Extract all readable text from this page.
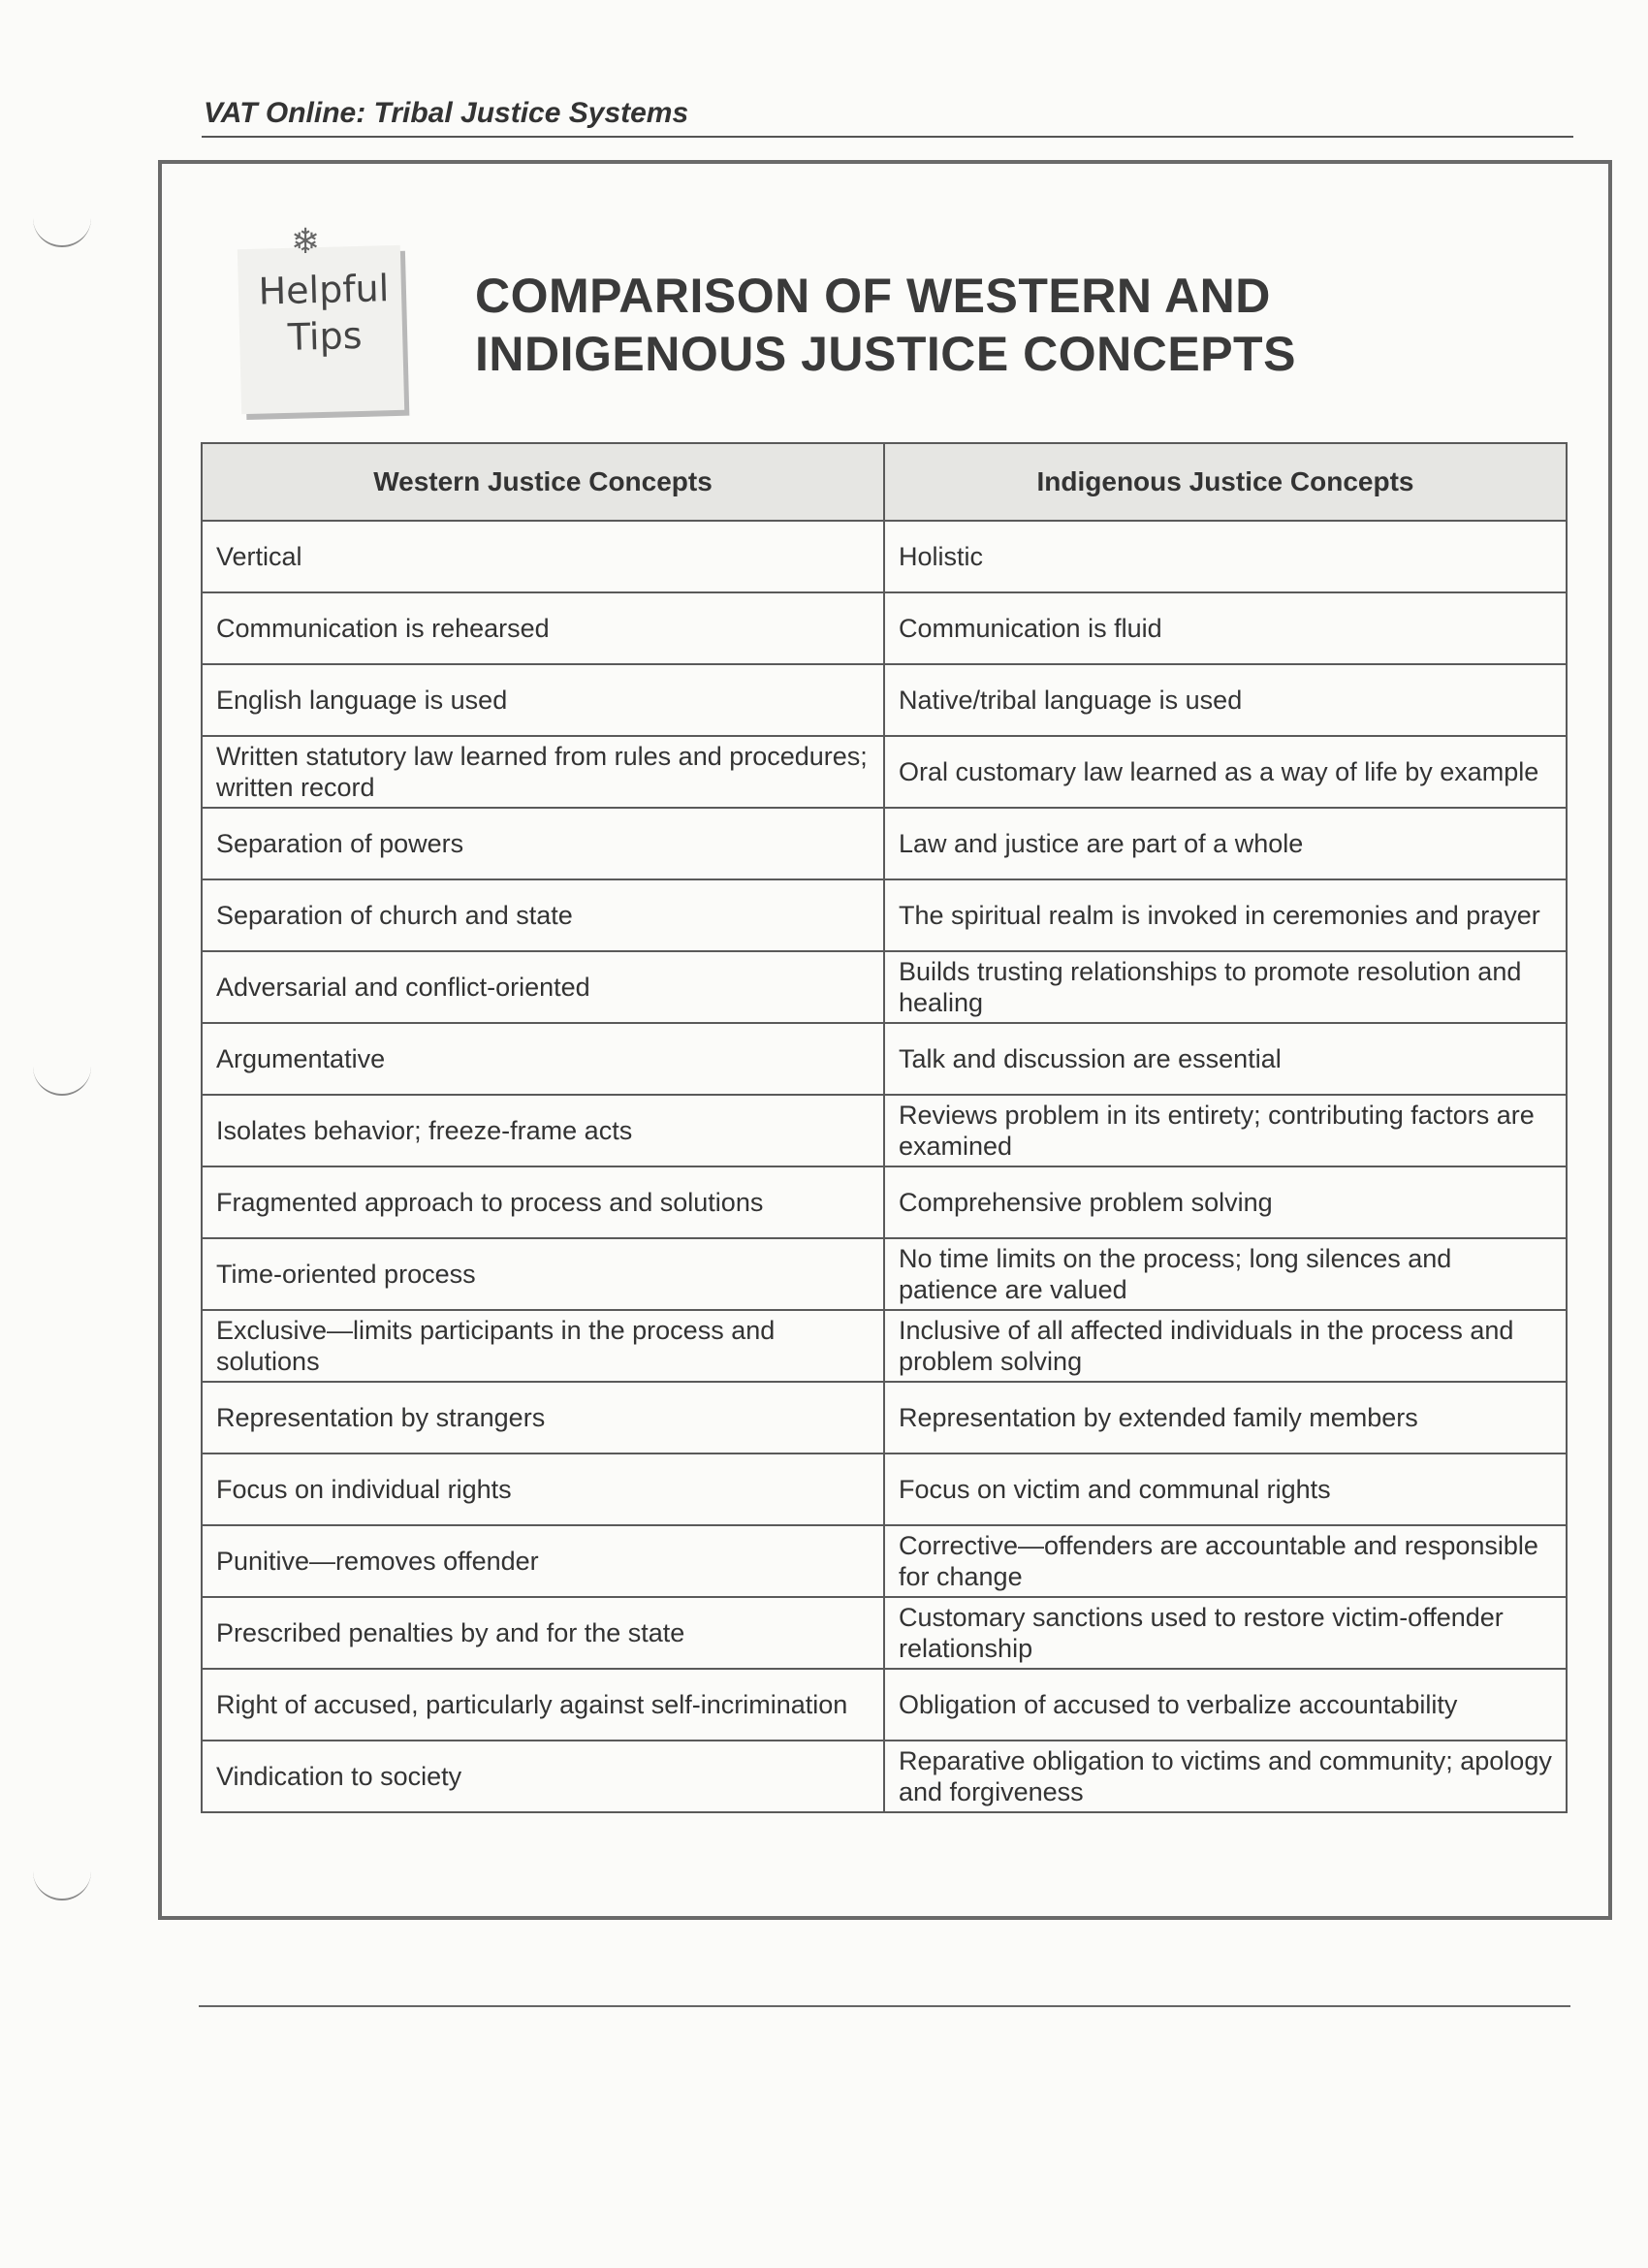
VAT Online: Tribal Justice Systems
Helpful
Tips
❄
COMPARISON OF WESTERN AND
INDIGENOUS JUSTICE CONCEPTS
Western Justice Concepts	Indigenous Justice Concepts
Vertical	Holistic
Communication is rehearsed	Communication is fluid
English language is used	Native/tribal language is used
Written statutory law learned from rules and procedures; written record	Oral customary law learned as a way of life by example
Separation of powers	Law and justice are part of a whole
Separation of church and state	The spiritual realm is invoked in ceremonies and prayer
Adversarial and conflict-oriented	Builds trusting relationships to promote resolution and healing
Argumentative	Talk and discussion are essential
Isolates behavior; freeze-frame acts	Reviews problem in its entirety; contributing factors are examined
Fragmented approach to process and solutions	Comprehensive problem solving
Time-oriented process	No time limits on the process; long silences and patience are valued
Exclusive—limits participants in the process and solutions	Inclusive of all affected individuals in the process and problem solving
Representation by strangers	Representation by extended family members
Focus on individual rights	Focus on victim and communal rights
Punitive—removes offender	Corrective—offenders are accountable and responsible for change
Prescribed penalties by and for the state	Customary sanctions used to restore victim-offender relationship
Right of accused, particularly against self-incrimination	Obligation of accused to verbalize accountability
Vindication to society	Reparative obligation to victims and community; apology and forgiveness
